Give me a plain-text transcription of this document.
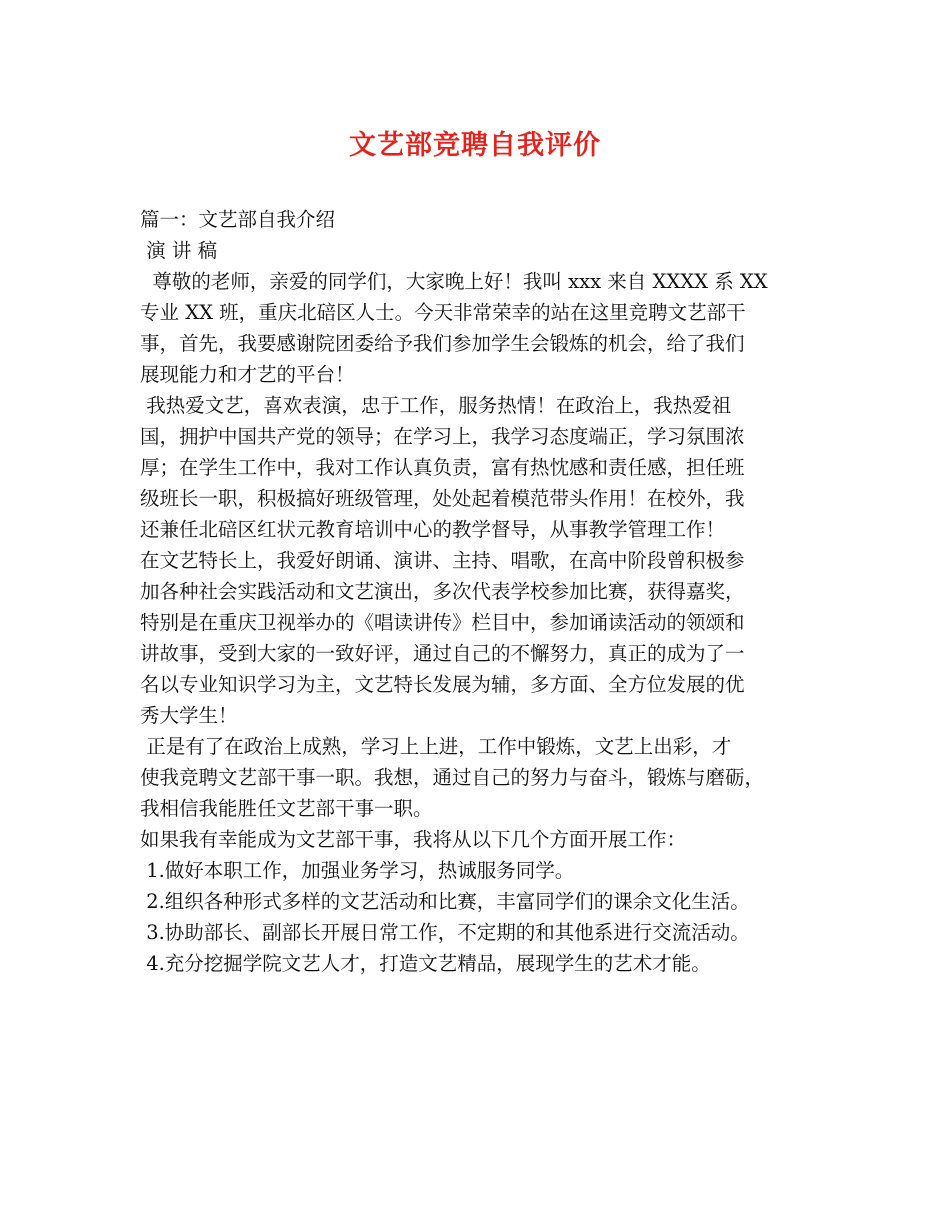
文艺部竞聘自我评价
篇一：文艺部自我介绍
演 讲 稿
尊敬的老师，亲爱的同学们，大家晚上好！我叫 xxx 来自 XXXX 系 XX
专业 XX 班，重庆北碚区人士。今天非常荣幸的站在这里竞聘文艺部干
事，首先，我要感谢院团委给予我们参加学生会锻炼的机会，给了我们
展现能力和才艺的平台！
我热爱文艺，喜欢表演，忠于工作，服务热情！在政治上，我热爱祖
国，拥护中国共产党的领导；在学习上，我学习态度端正，学习氛围浓
厚；在学生工作中，我对工作认真负责，富有热忱感和责任感，担任班
级班长一职，积极搞好班级管理，处处起着模范带头作用！在校外，我
还兼任北碚区红状元教育培训中心的教学督导，从事教学管理工作！
在文艺特长上，我爱好朗诵、演讲、主持、唱歌，在高中阶段曾积极参
加各种社会实践活动和文艺演出，多次代表学校参加比赛，获得嘉奖，
特别是在重庆卫视举办的《唱读讲传》栏目中，参加诵读活动的领颂和
讲故事，受到大家的一致好评，通过自己的不懈努力，真正的成为了一
名以专业知识学习为主，文艺特长发展为辅，多方面、全方位发展的优
秀大学生！
正是有了在政治上成熟，学习上上进，工作中锻炼，文艺上出彩，才
使我竞聘文艺部干事一职。我想，通过自己的努力与奋斗，锻炼与磨砺，
我相信我能胜任文艺部干事一职。
如果我有幸能成为文艺部干事，我将从以下几个方面开展工作：
1.做好本职工作，加强业务学习，热诚服务同学。
2.组织各种形式多样的文艺活动和比赛，丰富同学们的课余文化生活。
3.协助部长、副部长开展日常工作，不定期的和其他系进行交流活动。
4.充分挖掘学院文艺人才，打造文艺精品，展现学生的艺术才能。
